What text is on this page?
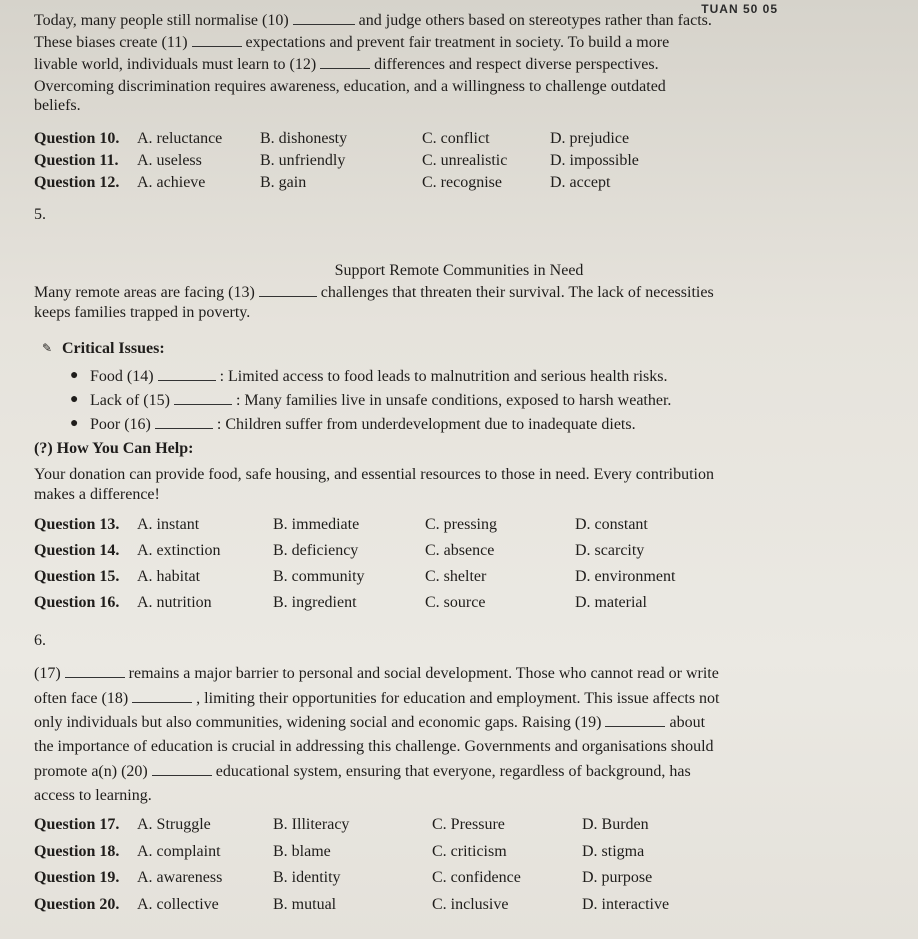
TUAN 50 05
Today, many people still normalise (10)	and judge others based on stereotypes rather than facts.
These biases create (11)	expectations and prevent fair treatment in society. To build a more
livable world, individuals must learn to (12)	differences and respect diverse perspectives.
Overcoming discrimination requires awareness, education, and a willingness to challenge outdated
beliefs.
Question 10. A. reluctance B. dishonesty	C. conflict	D. prejudice
Question 11. A. useless	B. unfriendly	C. unrealistic	D. impossible
Question 12. A. achieve	B. gain	C. recognise	D. accept
5.
Support Remote Communities in Need
Many remote areas are facing (13)	challenges that threaten their survival. The lack of necessities
keeps families trapped in poverty.
Critical Issues:
✎
● Food (14)	: Limited access to food leads to malnutrition and serious health risks.
● Lack of (15)	: Many families live in unsafe conditions, exposed to harsh weather.
● Poor (16)	: Children suffer from underdevelopment due to inadequate diets.
(?) How You Can Help:
Your donation can provide food, safe housing, and essential resources to those in need. Every contribution
makes a difference!
Question 13. A. instant	B. immediate	C. pressing	D. constant
Question 14. A. extinction	B. deficiency	C. absence	D. scarcity
Question 15. A. habitat	B. community	C. shelter	D. environment
Question 16. A. nutrition	B. ingredient	C. source	D. material
6.
(17)	remains a major barrier to personal and social development. Those who cannot read or write
often face (18)	, limiting their opportunities for education and employment. This issue affects not
only individuals but also communities, widening social and economic gaps. Raising (19)	about
the importance of education is crucial in addressing this challenge. Governments and organisations should
promote a(n) (20)	educational system, ensuring that everyone, regardless of background, has
access to learning.
Question 17. A. Struggle	B. Illiteracy	C. Pressure	D. Burden
Question 18. A. complaint	B. blame	C. criticism	D. stigma
Question 19. A. awareness	B. identity	C. confidence	D. purpose
Question 20. A. collective	B. mutual	C. inclusive	D. interactive
